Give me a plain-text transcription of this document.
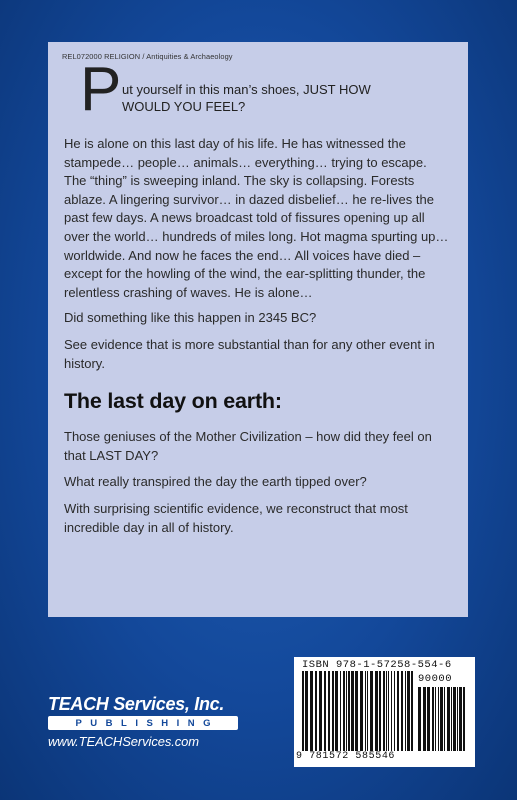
REL072000 RELIGION / Antiquities & Archaeology
P ut yourself in this man’s shoes, JUST HOW
WOULD YOU FEEL?

He is alone on this last day of his life. He has witnessed the stampede… people… animals… everything… trying to escape. The “thing” is sweeping inland. The sky is collapsing. Forests ablaze. A lingering survivor… in dazed disbelief… he re-lives the past few days. A news broadcast told of fissures opening up all over the world… hundreds of miles long. Hot magma spurting up… worldwide. And now he faces the end… All voices have died – except for the howling of the wind, the ear-splitting thunder, the relentless crashing of waves. He is alone…

Did something like this happen in 2345 BC?

See evidence that is more substantial than for any other event in history.

The last day on earth:

Those geniuses of the Mother Civilization – how did they feel on that LAST DAY?

What really transpired the day the earth tipped over?

With surprising scientific evidence, we reconstruct that most incredible day in all of history.

TEACH Services, Inc.
PUBLISHING
www.TEACHServices.com
ISBN 978-1-57258-554-6
90000
9 781572 585546
